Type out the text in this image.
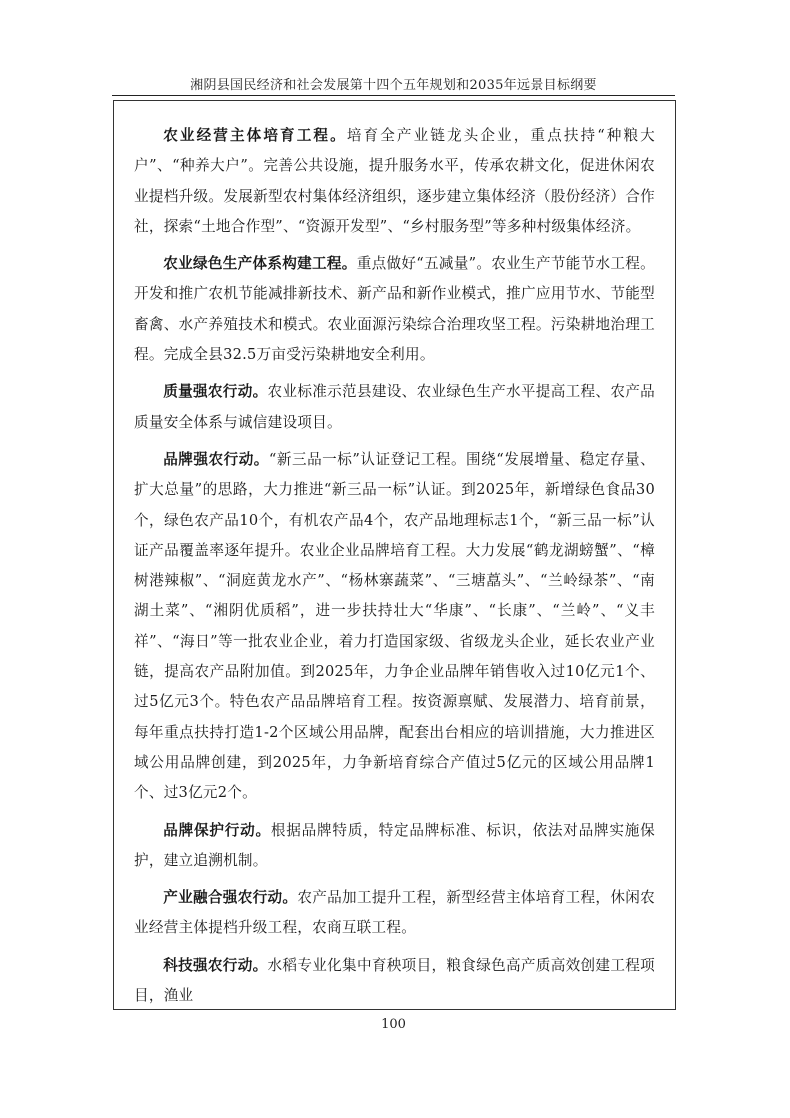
湘阴县国民经济和社会发展第十四个五年规划和2035年远景目标纲要

农业经营主体培育工程。培育全产业链龙头企业，重点扶持“种粮大户”、“种养大户”。完善公共设施，提升服务水平，传承农耕文化，促进休闲农业提档升级。发展新型农村集体经济组织，逐步建立集体经济（股份经济）合作社，探索“土地合作型”、“资源开发型”、“乡村服务型”等多种村级集体经济。

农业绿色生产体系构建工程。重点做好“五减量”。农业生产节能节水工程。开发和推广农机节能减排新技术、新产品和新作业模式，推广应用节水、节能型畜禽、水产养殖技术和模式。农业面源污染综合治理攻坚工程。污染耕地治理工程。完成全县32.5万亩受污染耕地安全利用。

质量强农行动。农业标准示范县建设、农业绿色生产水平提高工程、农产品质量安全体系与诚信建设项目。

品牌强农行动。“新三品一标”认证登记工程。围绕“发展增量、稳定存量、扩大总量”的思路，大力推进“新三品一标”认证。到2025年，新增绿色食品30个，绿色农产品10个，有机农产品4个，农产品地理标志1个，“新三品一标”认证产品覆盖率逐年提升。农业企业品牌培育工程。大力发展“鹤龙湖螃蟹”、“樟树港辣椒”、“洞庭黄龙水产”、“杨林寨蔬菜”、“三塘藠头”、“兰岭绿茶”、“南湖土菜”、“湘阴优质稻”，进一步扶持壮大“华康”、“长康”、“兰岭”、“义丰祥”、“海日”等一批农业企业，着力打造国家级、省级龙头企业，延长农业产业链，提高农产品附加值。到2025年，力争企业品牌年销售收入过10亿元1个、过5亿元3个。特色农产品品牌培育工程。按资源禀赋、发展潜力、培育前景，每年重点扶持打造1-2个区域公用品牌，配套出台相应的培训措施，大力推进区域公用品牌创建，到2025年，力争新培育综合产值过5亿元的区域公用品牌1个、过3亿元2个。

品牌保护行动。根据品牌特质，特定品牌标准、标识，依法对品牌实施保护，建立追溯机制。

产业融合强农行动。农产品加工提升工程，新型经营主体培育工程，休闲农业经营主体提档升级工程，农商互联工程。

科技强农行动。水稻专业化集中育秧项目，粮食绿色高产质高效创建工程项目，渔业

100
